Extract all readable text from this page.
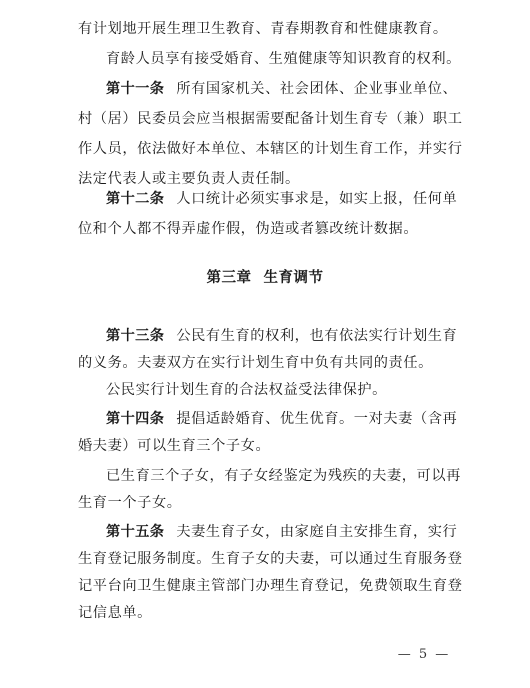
有计划地开展生理卫生教育、青春期教育和性健康教育。
育龄人员享有接受婚育、生殖健康等知识教育的权利。
第十一条 所有国家机关、社会团体、企业事业单位、
村（居）民委员会应当根据需要配备计划生育专（兼）职工
作人员，依法做好本单位、本辖区的计划生育工作，并实行
法定代表人或主要负责人责任制。
第十二条 人口统计必须实事求是，如实上报，任何单
位和个人都不得弄虚作假，伪造或者篡改统计数据。
第三章 生育调节
第十三条 公民有生育的权利，也有依法实行计划生育
的义务。夫妻双方在实行计划生育中负有共同的责任。
公民实行计划生育的合法权益受法律保护。
第十四条 提倡适龄婚育、优生优育。一对夫妻（含再
婚夫妻）可以生育三个子女。
已生育三个子女，有子女经鉴定为残疾的夫妻，可以再
生育一个子女。
第十五条 夫妻生育子女，由家庭自主安排生育，实行
生育登记服务制度。生育子女的夫妻，可以通过生育服务登
记平台向卫生健康主管部门办理生育登记，免费领取生育登
记信息单。
— 5 —
